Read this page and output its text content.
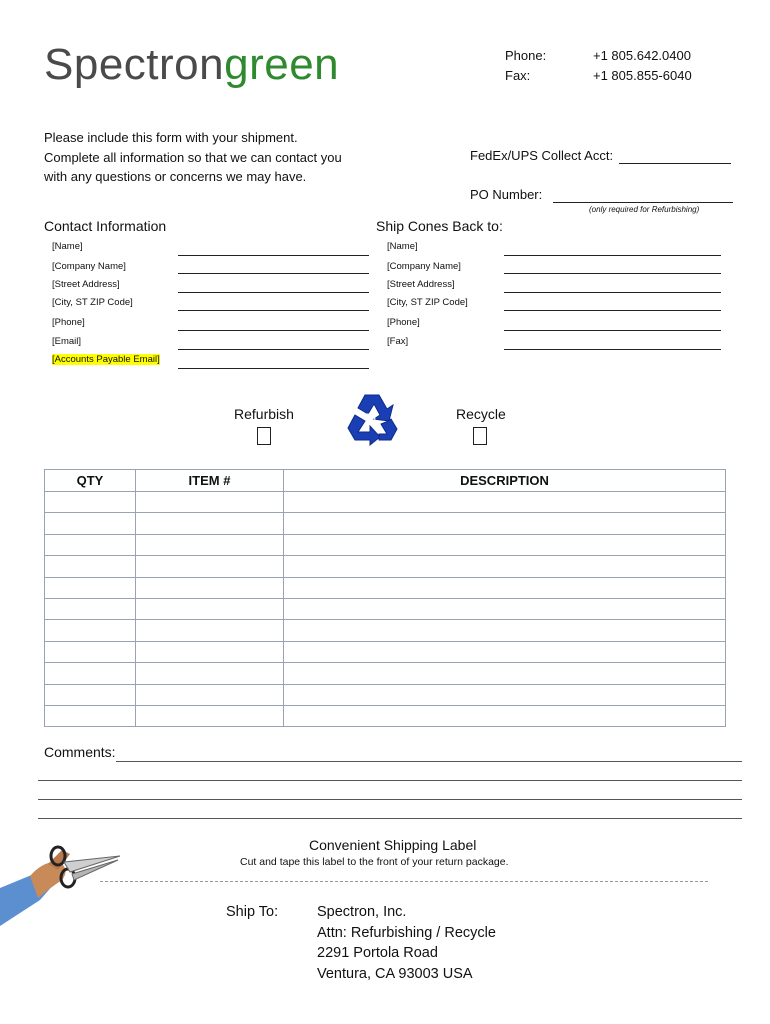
Spectrongreen	Phone:	+1 805.642.0400
Fax:	+1 805.855-6040
Please include this form with your shipment.
Complete all information so that we can contact you
with any questions or concerns we may have.
FedEx/UPS Collect Acct:
PO Number:
(only required for Refurbishing)
Contact Information
[Name]
[Company Name]
[Street Address]
[City, ST ZIP Code]
[Phone]
[Email]
[Accounts Payable Email]
Ship Cones Back to:
[Name]
[Company Name]
[Street Address]
[City, ST ZIP Code]
[Phone]
[Fax]
Refurbish	Recycle
Pt
QTY	ITEM #	DESCRIPTION

Comments:
Convenient Shipping Label
Cut and tape this label to the front of your return package.
Ship To:	Spectron, Inc.
Attn: Refurbishing / Recycle
2291 Portola Road
Ventura, CA 93003 USA
